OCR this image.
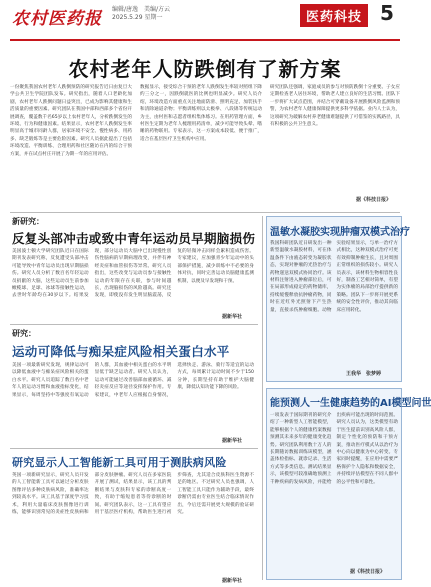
农村医药报 编辑/唐逸　美编/方云
2025.5.29 星期一	医药科技 5
农村老年人防跌倒有了新方案
一份聚焦我国农村老年人跌倒预防的研究报告近日由复旦大学公共卫生学院团队发布。研究指出，随着人口老龄化加剧，农村老年人跌倒问题日益突出，已成为影响其健康和生活质量的重要因素。研究团队在我国中部和西部多个省份开展调查，覆盖数千名65岁以上农村老年人，分析跌倒发生的环境、行为和健康因素。结果显示，农村老年人跌倒发生率明显高于城市同龄人群，居家环境不安全、慢性病多、用药多、缺乏锻炼等是主要危险因素。研究人员据此提出了包括环境改造、平衡训练、合理用药和社区随访在内的综合干预方案，并在试点村庄开展了为期一年的应用评估。
数据显示，接受综合干预的老年人跌倒发生率较对照组下降约三分之一，因跌倒就医的比例也明显减少。研究人员介绍，环境改造方面重点关注地面防滑、照明充足、加装扶手和清除通道杂物；平衡训练则以太极拳、八段锦等传统运动为主，由村医和志愿者组织集体练习。在用药管理方面，乡村医生定期为老年人梳理用药清单，减少可能导致头晕、嗜睡的药物联用。专家表示，这一方案成本较低、便于推广，适合在基层医疗卫生机构中应用。
研究团队还强调，家庭成员的参与对预防跌倒十分重要。子女应定期检查老人居住环境，帮助老人建立良好的生活习惯。团队下一步将扩大试点范围，并结合可穿戴设备开展跌倒风险监测和预警，为农村老年人健康保障提供更多科学依据。业内人士认为，这项研究为破解农村养老健康难题提供了可借鉴的实践路径，具有积极的公共卫生意义。
据《科技日报》
新研究：
反复头部冲击或致中青年运动员早期脑损伤
美国波士顿大学研究团队近日在国际期刊发表研究称，反复遭受头部冲击可能导致中青年运动员出现早期脑损伤。研究人员分析了数百名年轻运动员捐献的大脑，这些运动员生前参加橄榄球、足球、冰球等接触性运动，去世时年龄均在30岁以下。结果发现，部分运动员大脑中已出现慢性创伤性脑病的早期病理改变，并伴有神经炎症和血管损伤等异常。研究人员指出，这些改变与运动员参与接触性运动的年限存在关联，参与时间越长，出现脑损伤的风险越高。研究还发现，即使没有发生明显脑震荡，反复的轻微冲击同样会累积造成伤害。专家建议，应加强青少年运动中的头部保护措施，减少训练中不必要的身体对抗，同时完善运动员脑健康监测机制，以便及早发现和干预。
据新华社
研究：
运动可降低与痴呆症风险相关蛋白水平
美国一项最新研究发现，规律运动可以降低血液中与痴呆症风险相关的蛋白水平。研究人员追踪了数百名中老年人的运动习惯和血液指标变化，结果显示，每周坚持中等强度有氧运动的人群，其血液中相关蛋白的水平明显低于缺乏运动者。研究人员认为，运动可能通过改善脑部血液循环、减轻炎症反应等途径发挥保护作用。专家建议，中老年人应根据自身情况，选择快走、游泳、骑行等适宜的运动方式，每周累计运动时间不少于150分钟，长期坚持有助于维护大脑健康，降低认知功能下降的风险。
据新华社
研究显示人工智能新工具可用于测肤病风险
英国一项新研究显示，研究人员开发的人工智能新工具可以通过分析皮肤图像评估多种皮肤病风险，准确率达到较高水平。该工具基于深度学习技术，利用大量临床皮肤图像进行训练，能够识别常见的炎症性皮肤病和部分皮肤肿瘤。研究人员在多家医院开展了测试，结果显示，该工具的判断结果与皮肤科专家的诊断高度一致，有助于缩短患者等待诊断的时间。研究团队表示，这一工具有望应用于基层医疗机构，帮助医生进行初步筛查，尤其适合皮肤科医生资源不足的地区。不过研究人员也强调，人工智能工具只能作为辅助手段，最终诊断仍需由专业医生结合临床情况作出，今后还需开展更大规模的验证研究。
据新华社
温敏水凝胶实现肿瘤双模式治疗
我国科研团队近日研发出一种新型温敏水凝胶材料，可在体温条件下由液态转变为凝胶状态，实现对肿瘤的光热治疗与药物递送双模式协同治疗。该材料注射进入肿瘤部位后，可在局部形成稳定的药物储库，持续缓慢释放抗肿瘤药物，同时在近红外光照射下产生热量，直接杀伤肿瘤细胞。动物实验结果显示，与单一治疗方式相比，这种双模式治疗可更有效抑制肿瘤生长，且对周围正常组织的损伤较小。研究人员表示，该材料生物相容性良好，制备工艺相对简单，有望为实体瘤的局部治疗提供新的策略。团队下一步将开展更系统的安全性评价，推动其向临床应用转化。
王我华　张梦婷
能预测人一生健康趋势的AI模型问世
一项发表于国际期刊的研究介绍了一种新型人工智能模型，能够根据个人的健康档案数据预测其未来多年的健康变化趋势。研究团队利用数十万人的长期随访数据训练该模型，涵盖体检指标、就诊记录、生活方式等多类信息。测试结果显示，该模型可较准确地预测上千种疾病的发病风险，并能给出疾病可能出现的时间范围。研究人员认为，这类模型有助于医生提前识别高风险人群，制定个性化的预防和干预方案，推动医疗模式从以治疗为中心向以健康为中心转变。专家同时提醒，在应用中需要严格保护个人隐私和数据安全，并持续评估模型在不同人群中的公平性和可靠性。
据《科技日报》
